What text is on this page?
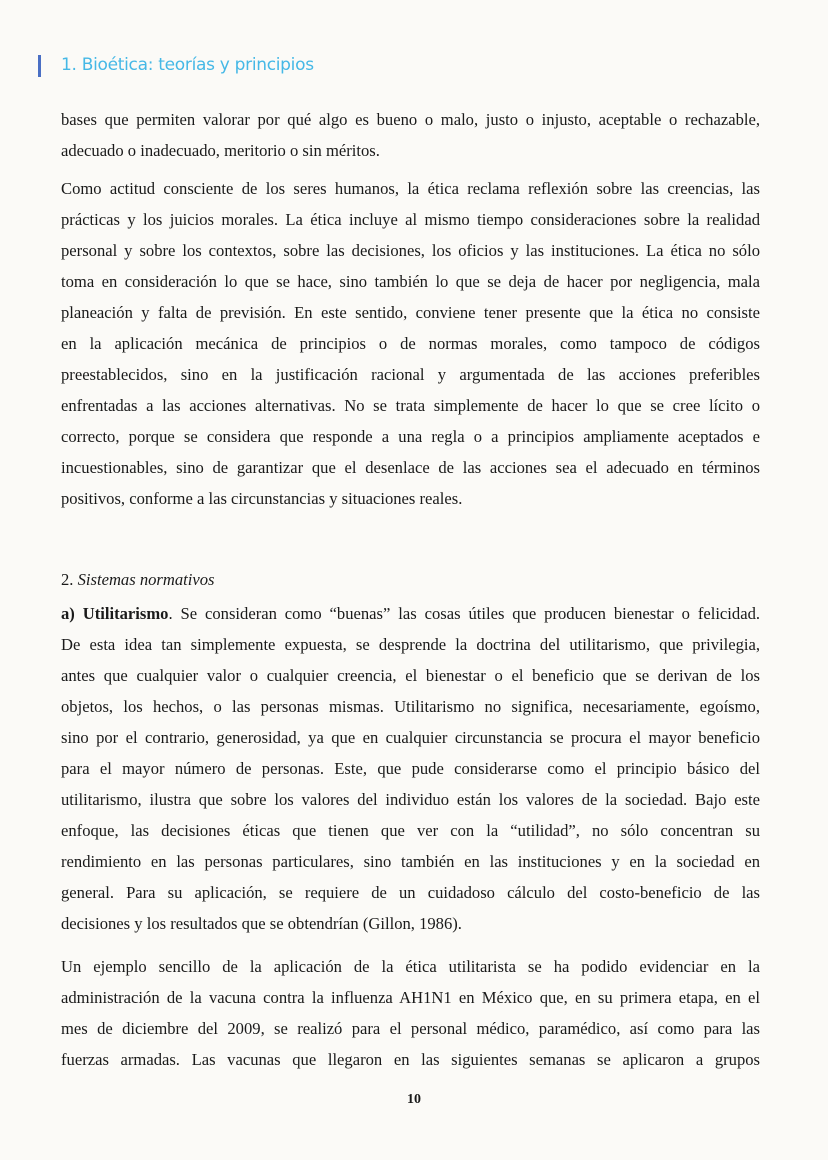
1. Bioética: teorías y principios
bases que permiten valorar por qué algo es bueno o malo, justo o injusto, aceptable o rechazable,
adecuado o inadecuado, meritorio o sin méritos.
Como actitud consciente de los seres humanos, la ética reclama reflexión sobre las creencias, las
prácticas y los juicios morales. La ética incluye al mismo tiempo consideraciones sobre la realidad
personal y sobre los contextos, sobre las decisiones, los oficios y las instituciones. La ética no sólo
toma en consideración lo que se hace, sino también lo que se deja de hacer por negligencia, mala
planeación y falta de previsión. En este sentido, conviene tener presente que la ética no consiste
en la aplicación mecánica de principios o de normas morales, como tampoco de códigos
preestablecidos, sino en la justificación racional y argumentada de las acciones preferibles
enfrentadas a las acciones alternativas. No se trata simplemente de hacer lo que se cree lícito o
correcto, porque se considera que responde a una regla o a principios ampliamente aceptados e
incuestionables, sino de garantizar que el desenlace de las acciones sea el adecuado en términos
positivos, conforme a las circunstancias y situaciones reales.
2. Sistemas normativos
a) Utilitarismo. Se consideran como “buenas” las cosas útiles que producen bienestar o felicidad.
De esta idea tan simplemente expuesta, se desprende la doctrina del utilitarismo, que privilegia,
antes que cualquier valor o cualquier creencia, el bienestar o el beneficio que se derivan de los
objetos, los hechos, o las personas mismas. Utilitarismo no significa, necesariamente, egoísmo,
sino por el contrario, generosidad, ya que en cualquier circunstancia se procura el mayor beneficio
para el mayor número de personas. Este, que pude considerarse como el principio básico del
utilitarismo, ilustra que sobre los valores del individuo están los valores de la sociedad. Bajo este
enfoque, las decisiones éticas que tienen que ver con la “utilidad”, no sólo concentran su
rendimiento en las personas particulares, sino también en las instituciones y en la sociedad en
general. Para su aplicación, se requiere de un cuidadoso cálculo del costo-beneficio de las
decisiones y los resultados que se obtendrían (Gillon, 1986).
Un ejemplo sencillo de la aplicación de la ética utilitarista se ha podido evidenciar en la
administración de la vacuna contra la influenza AH1N1 en México que, en su primera etapa, en el
mes de diciembre del 2009, se realizó para el personal médico, paramédico, así como para las
fuerzas armadas. Las vacunas que llegaron en las siguientes semanas se aplicaron a grupos
10
